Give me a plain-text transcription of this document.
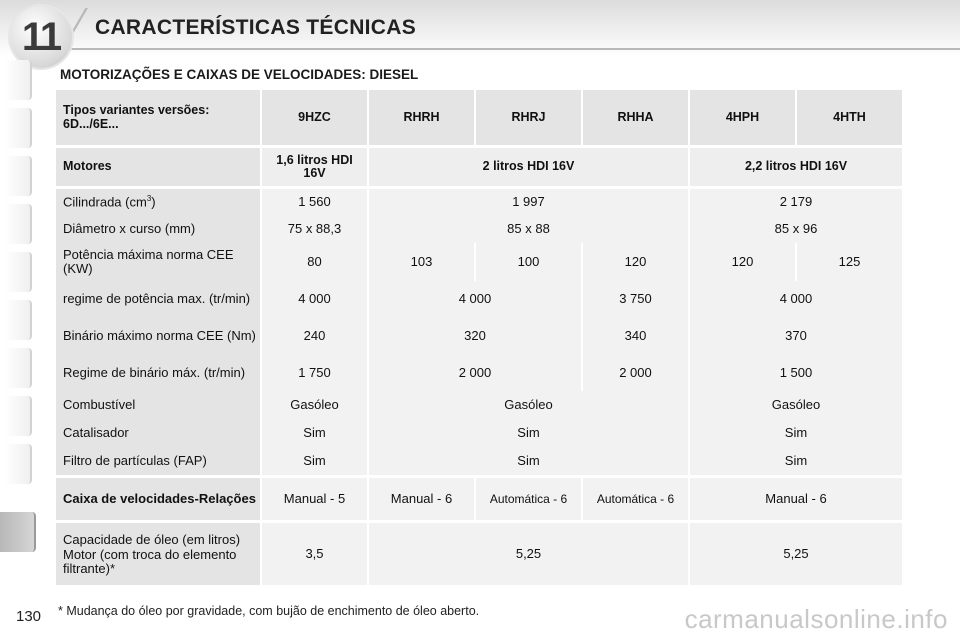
11	CARACTERÍSTICAS TÉCNICAS
MOTORIZAÇÕES E CAIXAS DE VELOCIDADES: DIESEL
Tipos variantes versões: 6D.../6E...	9HZC	RHRH	RHRJ	RHHA	4HPH	4HTH

Motores	1,6 litros HDI 16V	2 litros HDI 16V			2,2 litros HDI 16V	

Cilindrada $(cm^3)$	1 560	1 997			2 179	
Diâmetro x curso (mm)	75 x 88,3	85 x 88			85 x 96	
Potência máxima norma CEE (KW)	80	103	100	120	120	125
regime de potência max. (tr/min)	4 000	4 000		3 750	4 000	
Binário máximo norma CEE (Nm)	240	320		340	370	
Regime de binário máx. (tr/min)	1 750	2 000		2 000	1 500	
Combustível	Gasóleo	Gasóleo			Gasóleo	
Catalisador	Sim	Sim			Sim	
Filtro de partículas (FAP)	Sim	Sim			Sim	

Caixa de velocidades-Relações	Manual - 5	Manual - 6	Automática - 6	Automática - 6	Manual - 6	

Capacidade de óleo (em litros)
Motor (com troca do elemento filtrante)*	3,5	5,25			5,25	
130 * Mudança do óleo por gravidade, com bujão de enchimento de óleo aberto.	carmanualsonline.info
